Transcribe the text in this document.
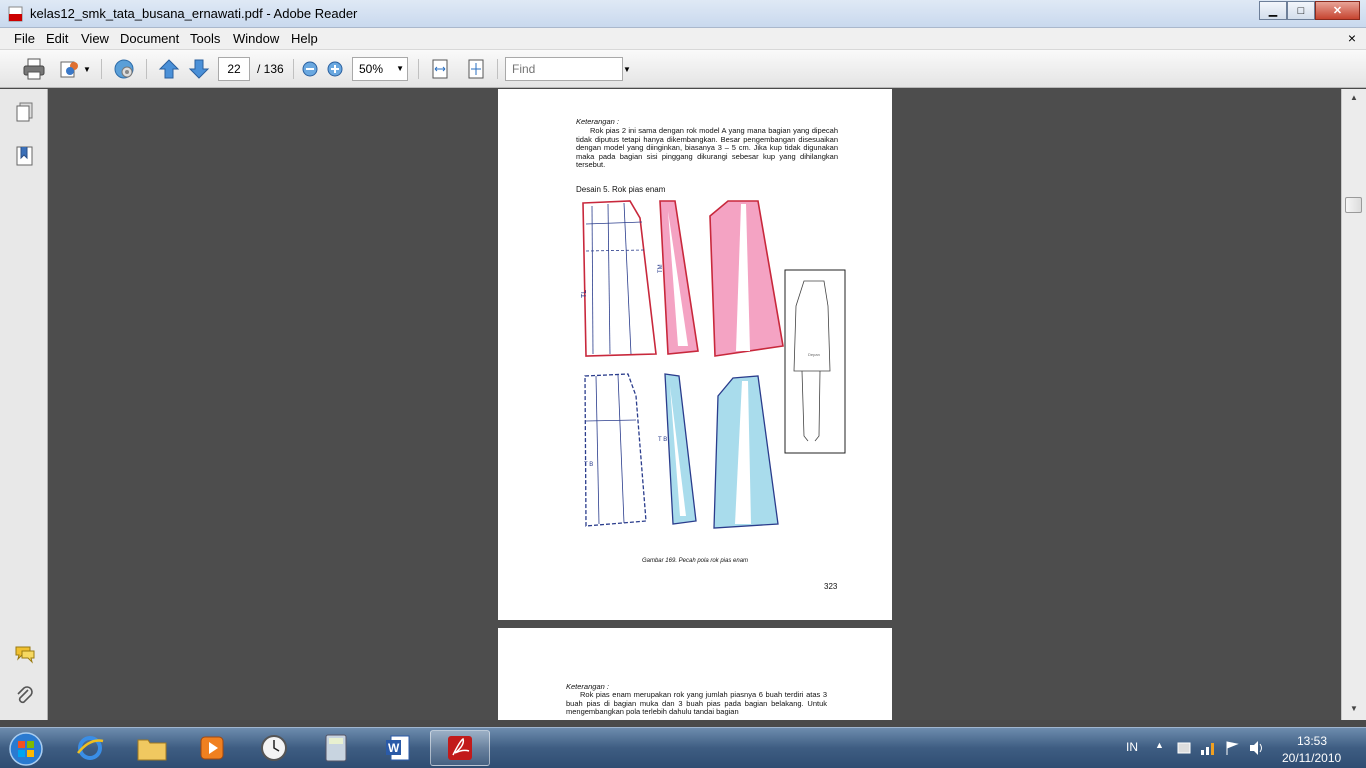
kelas12_smk_tata_busana_ernawati.pdf - Adobe Reader	▁ □	✕
File Edit View Document Tools Window Help	×
▼
22	/ 136	50% ▼
Find	▼
Keterangan :
Rok pias 2 ini sama dengan rok model A yang mana bagian yang dipecah tidak diputus tetapi hanya dikembangkan. Besar pengembangan disesuaikan dengan model yang diinginkan, biasanya 3 – 5 cm. Jika kup tidak digunakan maka pada bagian sisi pinggang dikurangi sebesar kup yang dihilangkan tersebut.
Desain 5. Rok pias enam
TL
TM
Depan
T B
T B
Gambar 169. Pecah pola rok pias enam
323
Keterangan :
Rok pias enam merupakan rok yang jumlah piasnya 6 buah terdiri atas 3 buah pias di bagian muka dan 3 buah pias pada bagian belakang. Untuk mengembangkan pola terlebih dahulu tandai bagian
▲
▼
W	IN ▲	13:53
20/11/2010
